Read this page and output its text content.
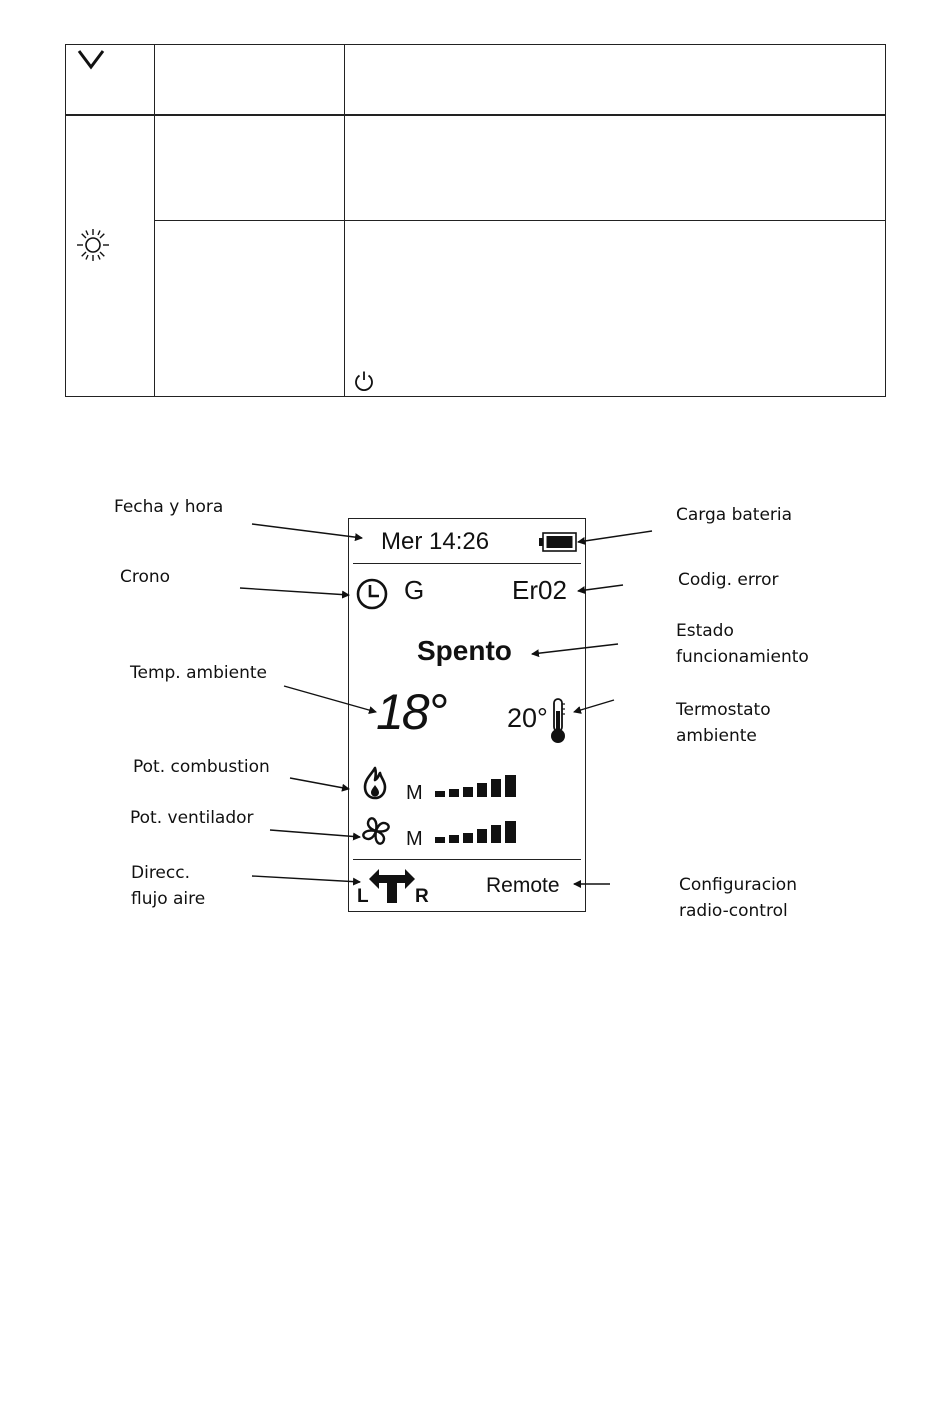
Fecha y hora
Crono
Temp. ambiente
Pot. combustion
Pot. ventilador
Direcc.
flujo aire
Carga bateria
Codig. error
Estado
funcionamiento
Termostato
ambiente
Configuracion
radio-control
Mer 14:26
G	Er02
Spento
18° 20°
M
M
L R	Remote
